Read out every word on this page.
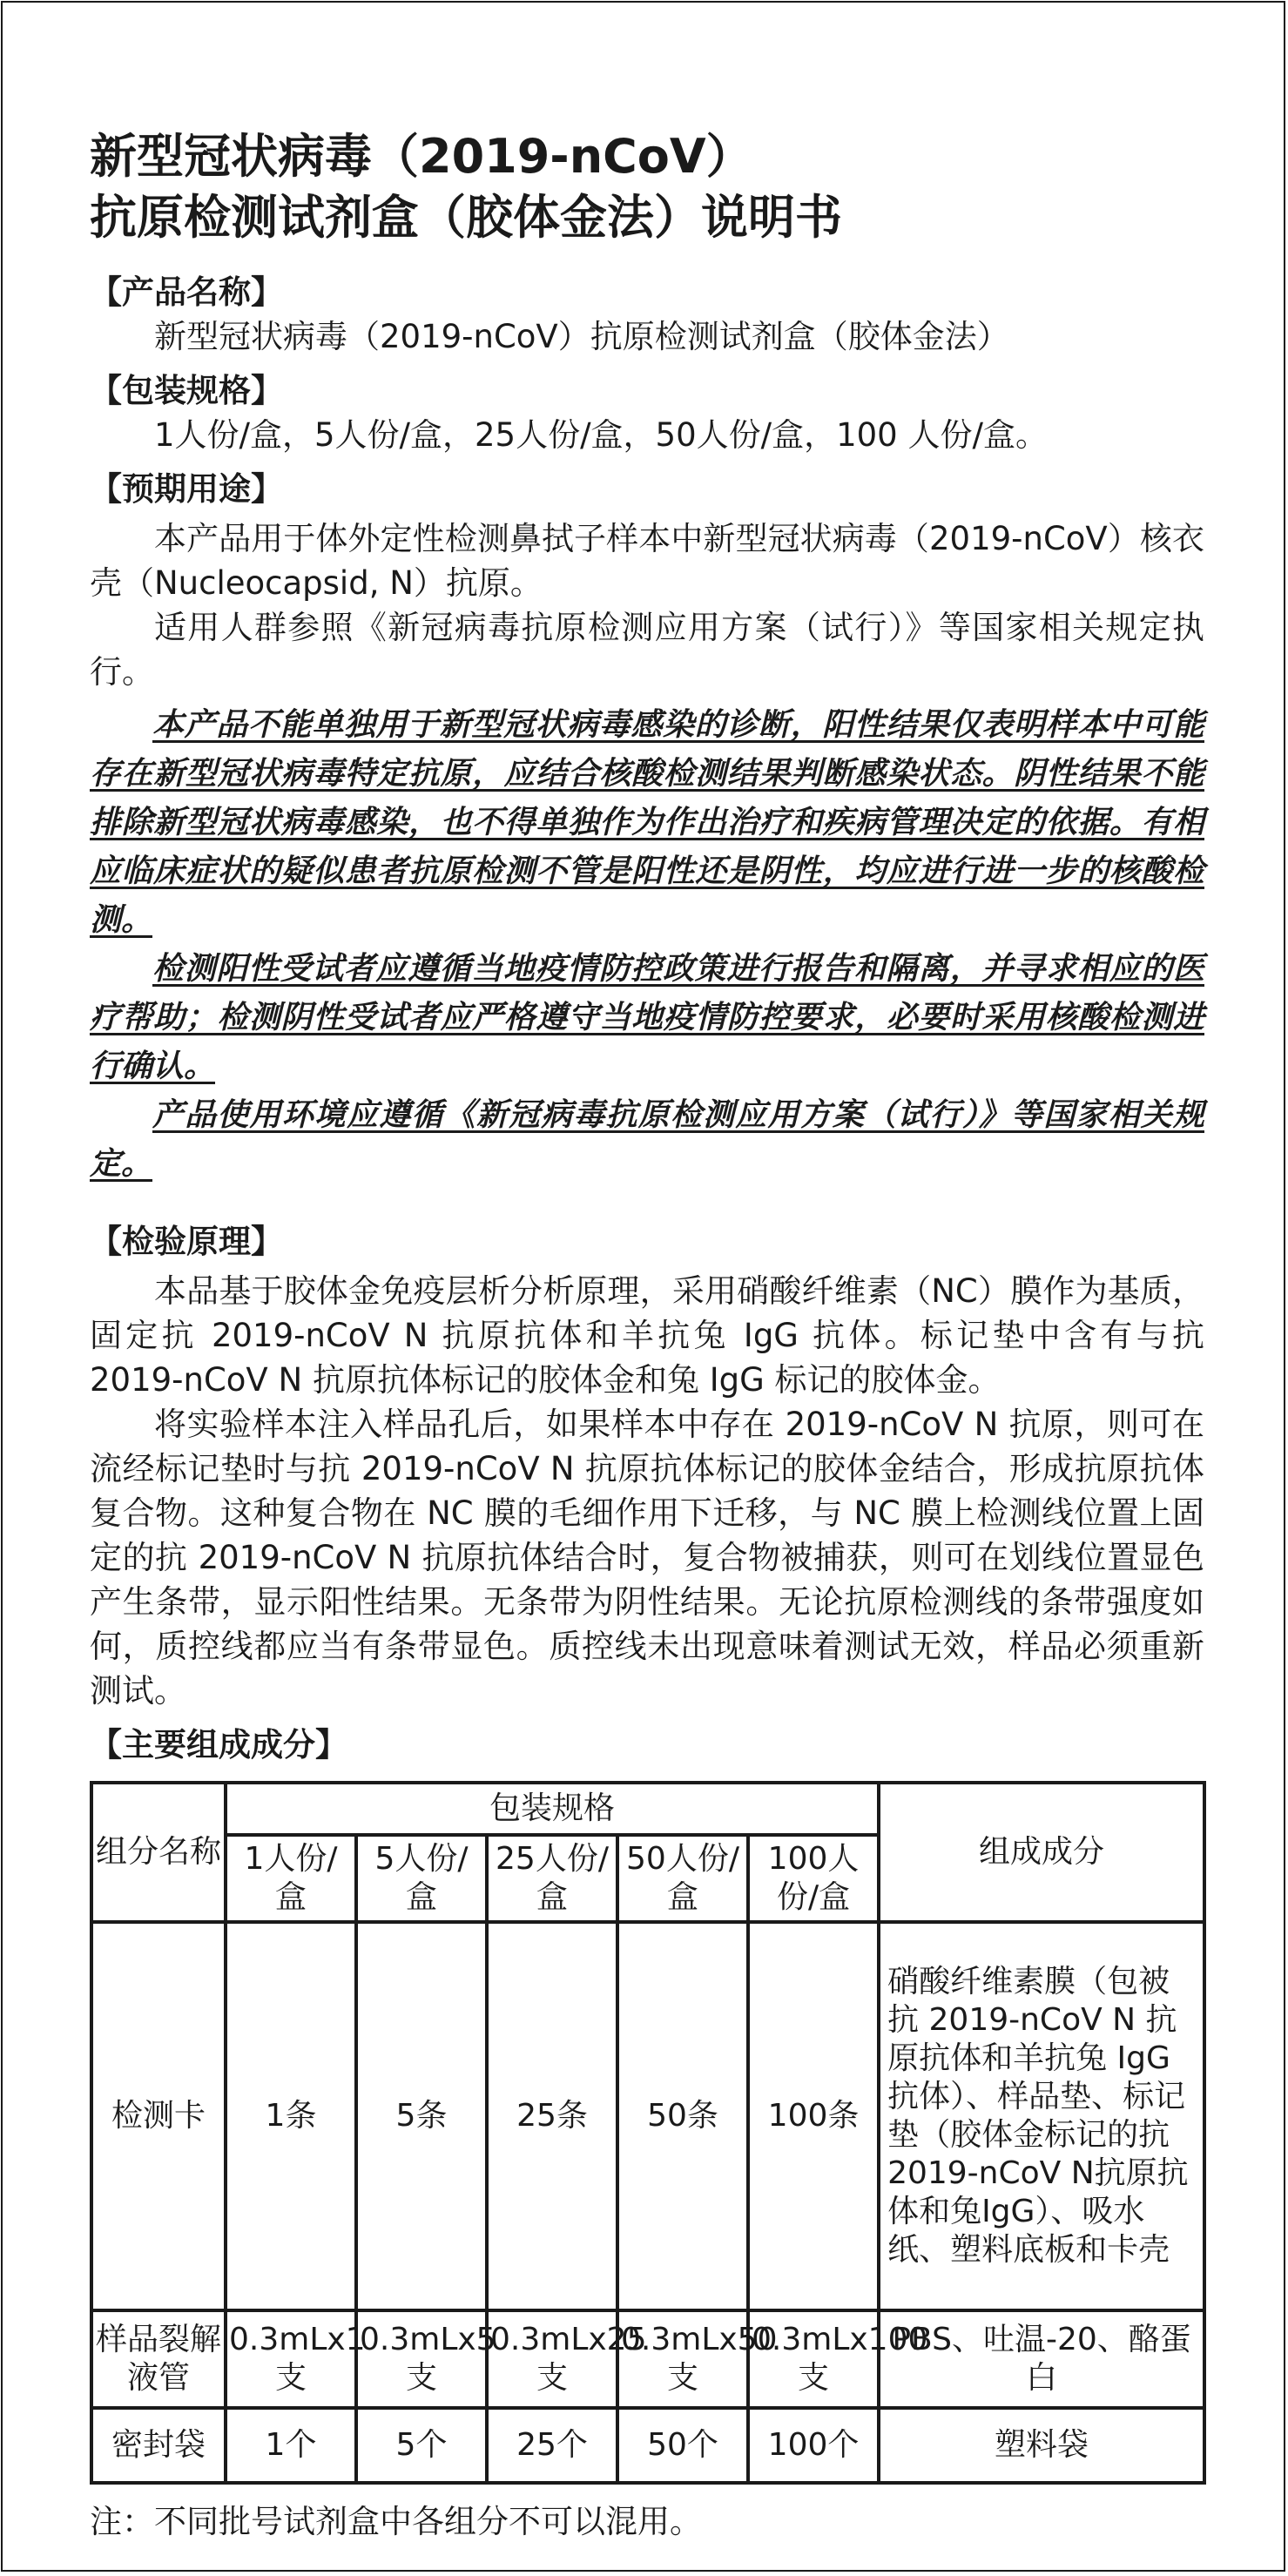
新型冠状病毒（2019-nCoV）
抗原检测试剂盒（胶体金法）说明书

【产品名称】

新型冠状病毒（2019-nCoV）抗原检测试剂盒（胶体金法）

【包装规格】

1人份/盒，5人份/盒，25人份/盒，50人份/盒，100 人份/盒。

【预期用途】

本产品用于体外定性检测鼻拭子样本中新型冠状病毒（2019-nCoV）核衣壳（Nucleocapsid, N）抗原。

适用人群参照《新冠病毒抗原检测应用方案（试行）》等国家相关规定执行。

本产品不能单独用于新型冠状病毒感染的诊断，阳性结果仅表明样本中可能存在新型冠状病毒特定抗原，应结合核酸检测结果判断感染状态。阴性结果不能排除新型冠状病毒感染，也不得单独作为作出治疗和疾病管理决定的依据。有相应临床症状的疑似患者抗原检测不管是阳性还是阴性，均应进行进一步的核酸检测。

检测阳性受试者应遵循当地疫情防控政策进行报告和隔离，并寻求相应的医疗帮助；检测阴性受试者应严格遵守当地疫情防控要求，必要时采用核酸检测进行确认。

产品使用环境应遵循《新冠病毒抗原检测应用方案（试行）》等国家相关规定。

【检验原理】

本品基于胶体金免疫层析分析原理，采用硝酸纤维素（NC）膜作为基质，固定抗 2019-nCoV N 抗原抗体和羊抗兔 IgG 抗体。标记垫中含有与抗 2019-nCoV N 抗原抗体标记的胶体金和兔 IgG 标记的胶体金。

将实验样本注入样品孔后，如果样本中存在 2019-nCoV N 抗原，则可在流经标记垫时与抗 2019-nCoV N 抗原抗体标记的胶体金结合，形成抗原抗体复合物。这种复合物在 NC 膜的毛细作用下迁移，与 NC 膜上检测线位置上固定的抗 2019-nCoV N 抗原抗体结合时，复合物被捕获，则可在划线位置显色产生条带，显示阳性结果。无条带为阴性结果。无论抗原检测线的条带强度如何，质控线都应当有条带显色。质控线未出现意味着测试无效，样品必须重新测试。

【主要组成成分】

组分名称	包装规格					组成成分
	1人份/盒	5人份/盒	25人份/盒	50人份/盒	100人份/盒	
检测卡	1条	5条	25条	50条	100条	硝酸纤维素膜（包被抗 2019-nCoV N 抗原抗体和羊抗兔 IgG抗体）、样品垫、标记垫（胶体金标记的抗2019-nCoV N抗原抗体和兔IgG）、吸水纸、塑料底板和卡壳
样品裂解液管	0.3mLx1支	0.3mLx5支	0.3mLx25支	0.3mLx50支	0.3mLx100支	PBS、吐温-20、酪蛋白
密封袋	1个	5个	25个	50个	100个	塑料袋

注：不同批号试剂盒中各组分不可以混用。
